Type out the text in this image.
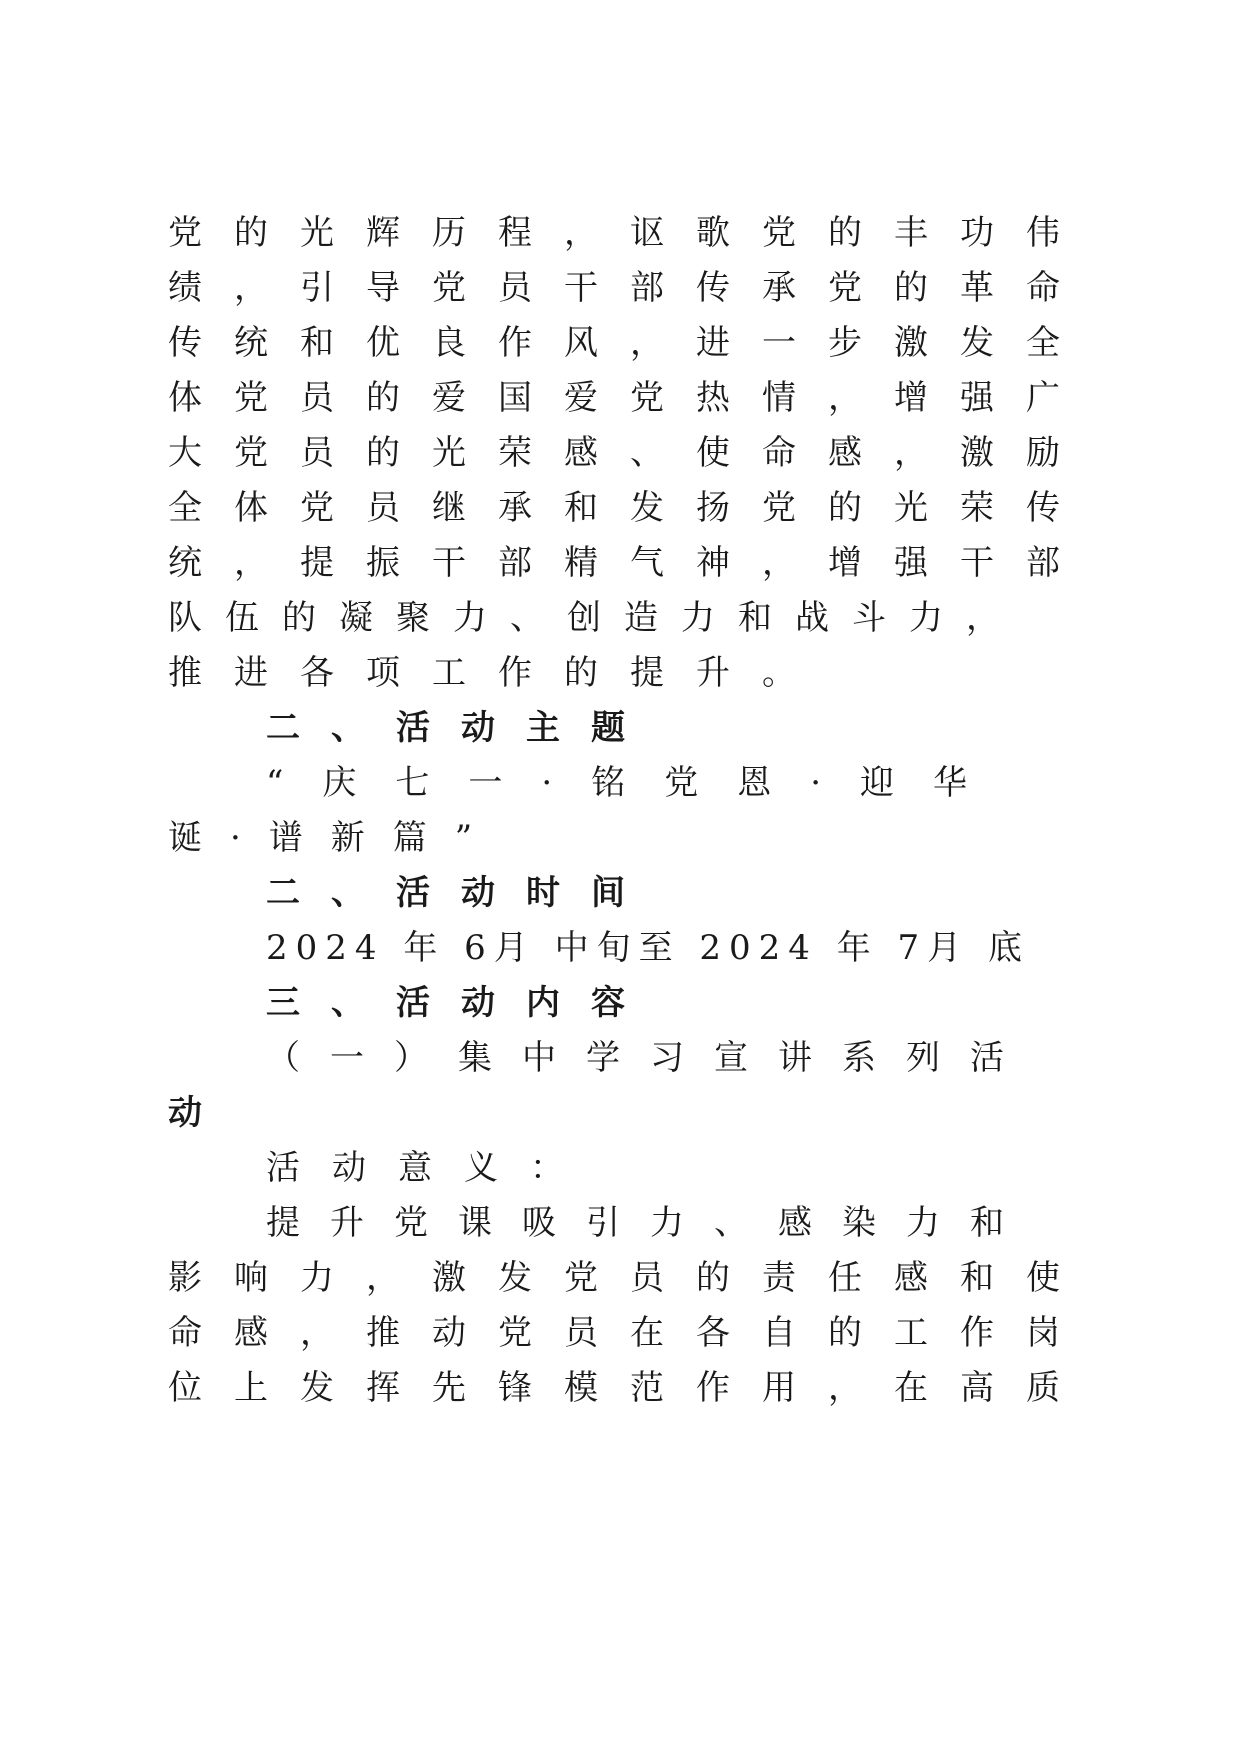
党的光辉历程，讴歌党的丰功伟
绩，引导党员干部传承党的革命
传统和优良作风，进一步激发全
体党员的爱国爱党热情，增强广
大党员的光荣感、使命感，激励
全体党员继承和发扬党的光荣传
统，提振干部精气神，增强干部
队伍的凝聚力、创造力和战斗力，
推进各项工作的提升。
二、活动主题
“庆七一·铭党恩·迎华
诞·谱新篇”
二、活动时间
2024 年 6月 中旬至 2024 年 7月 底
三、活动内容
（一）集中学习宣讲系列活
动
活动意义：
提升党课吸引力、感染力和
影响力，激发党员的责任感和使
命感，推动党员在各自的工作岗
位上发挥先锋模范作用，在高质
